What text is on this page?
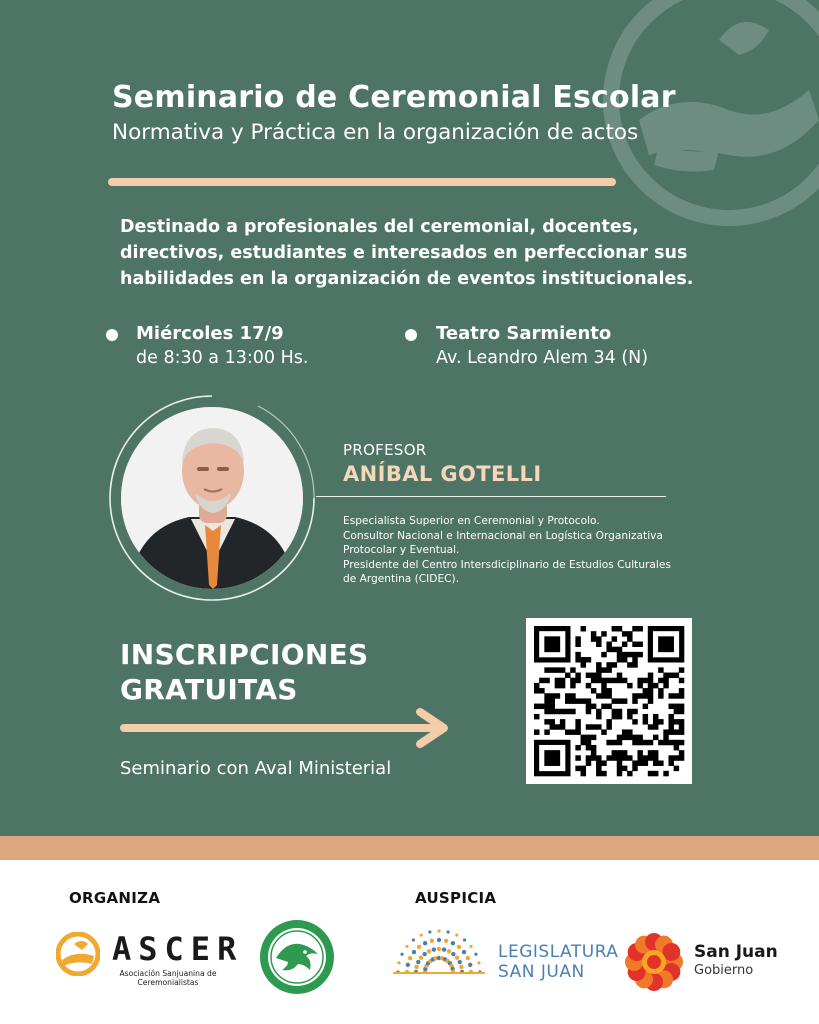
Seminario de Ceremonial Escolar
Normativa y Práctica en la organización de actos
Destinado a profesionales del ceremonial, docentes,
directivos, estudiantes e interesados en perfeccionar sus
habilidades en la organización de eventos institucionales.
Miércoles 17/9
de 8:30 a 13:00 Hs.
Teatro Sarmiento
Av. Leandro Alem 34 (N)
PROFESOR
ANÍBAL GOTELLI
Especialista Superior en Ceremonial y Protocolo.
Consultor Nacional e Internacional en Logística Organizativa
Protocolar y Eventual.
Presidente del Centro Intersdiciplinario de Estudios Culturales
de Argentina (CIDEC).
INSCRIPCIONES
GRATUITAS
Seminario con Aval Ministerial
ORGANIZA	AUSPICIA
ASCER
Asociación Sanjuanina de Ceremonialistas
LEGISLATURA
SAN JUAN
San Juan
Gobierno
